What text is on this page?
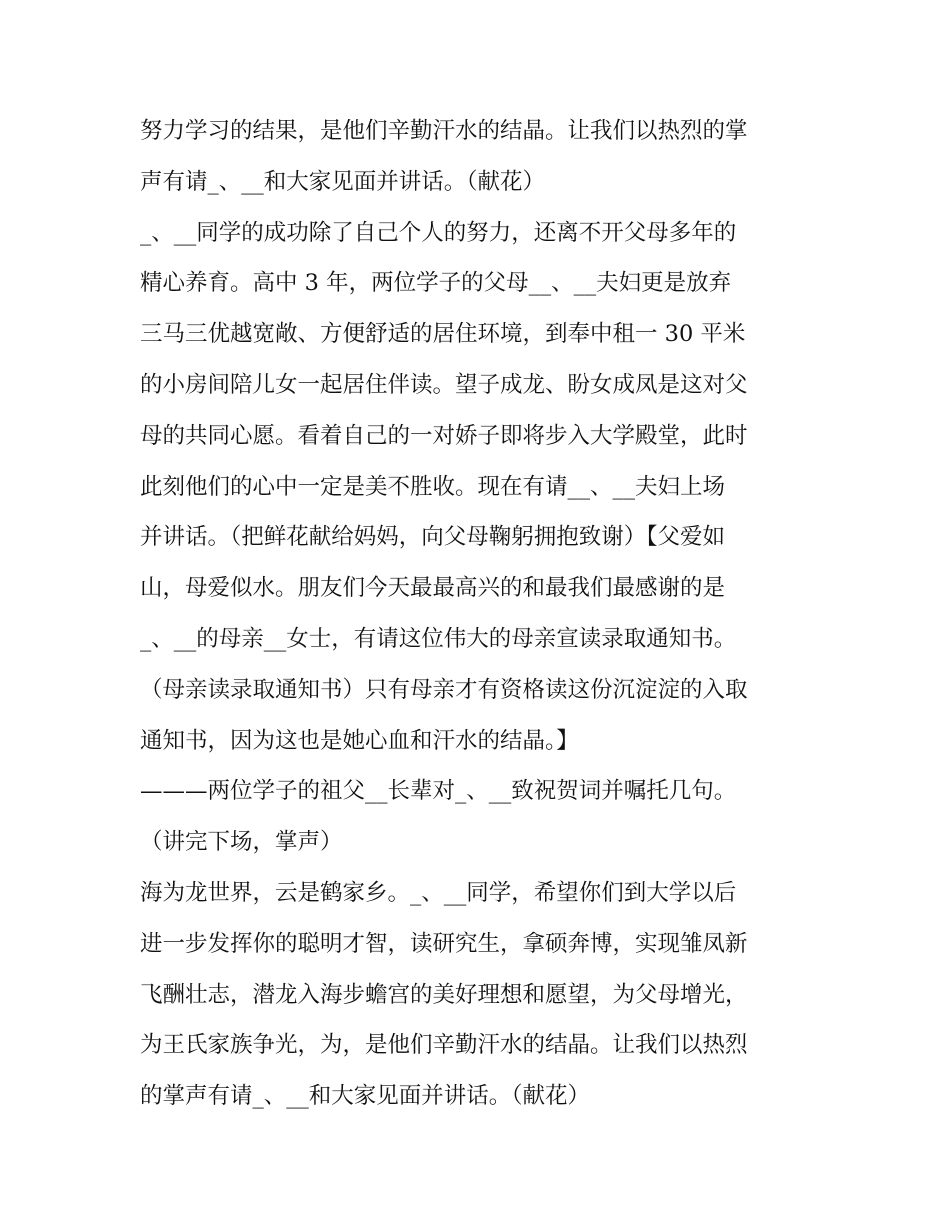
努力学习的结果，是他们辛勤汗水的结晶。让我们以热烈的掌
声有请_、__和大家见面并讲话。（献花）
_、__同学的成功除了自己个人的努力，还离不开父母多年的
精心养育。高中 3 年，两位学子的父母__、__夫妇更是放弃
三马三优越宽敞、方便舒适的居住环境，到奉中租一 30 平米
的小房间陪儿女一起居住伴读。望子成龙、盼女成凤是这对父
母的共同心愿。看着自己的一对娇子即将步入大学殿堂，此时
此刻他们的心中一定是美不胜收。现在有请__、__夫妇上场
并讲话。（把鲜花献给妈妈，向父母鞠躬拥抱致谢）【父爱如
山，母爱似水。朋友们今天最最高兴的和最我们最感谢的是
_、__的母亲__女士，有请这位伟大的母亲宣读录取通知书。
（母亲读录取通知书）只有母亲才有资格读这份沉淀淀的入取
通知书，因为这也是她心血和汗水的结晶。】
———两位学子的祖父__长辈对_、__致祝贺词并嘱托几句。
（讲完下场，掌声）
海为龙世界，云是鹤家乡。_、__同学，希望你们到大学以后
进一步发挥你的聪明才智，读研究生，拿硕奔博，实现雏凤新
飞酬壮志，潜龙入海步蟾宫的美好理想和愿望，为父母增光，
为王氏家族争光，为，是他们辛勤汗水的结晶。让我们以热烈
的掌声有请_、__和大家见面并讲话。（献花）
